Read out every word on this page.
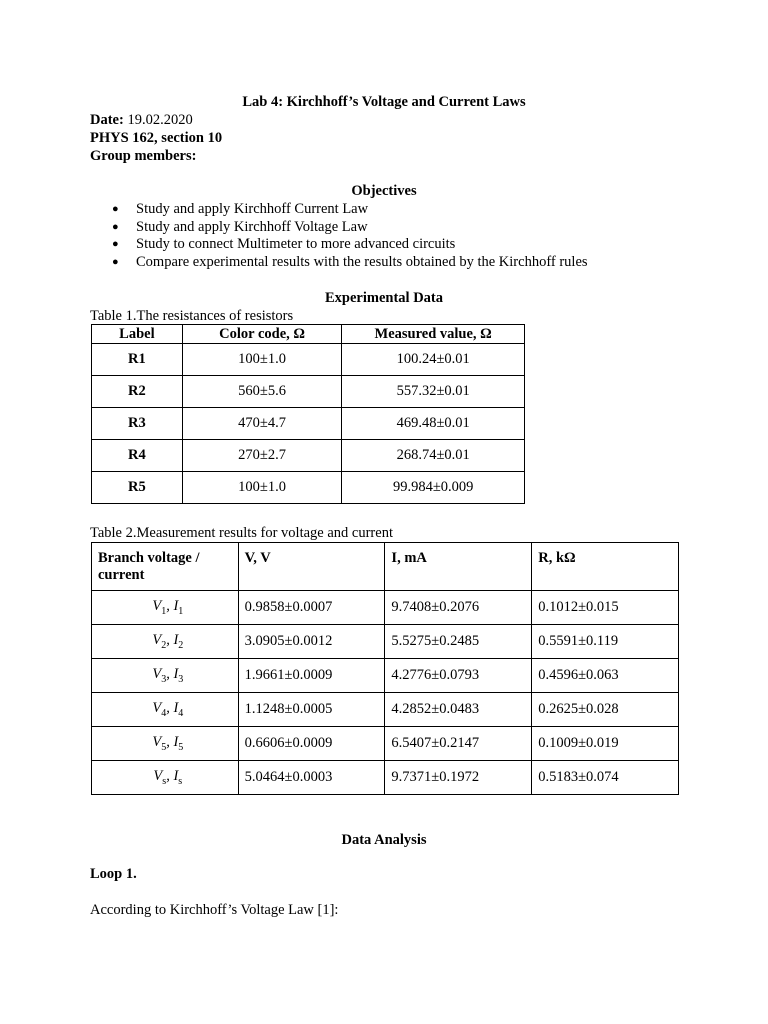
Lab 4: Kirchhoff’s Voltage and Current Laws
Date: 19.02.2020
PHYS 162, section 10
Group members:
Objectives
● Study and apply Kirchhoff Current Law
● Study and apply Kirchhoff Voltage Law
● Study to connect Multimeter to more advanced circuits
● Compare experimental results with the results obtained by the Kirchhoff rules
Experimental Data
Table 1.The resistances of resistors
Label	Color code, Ω	Measured value, Ω
R1	100±1.0	100.24±0.01
R2	560±5.6	557.32±0.01
R3	470±4.7	469.48±0.01
R4	270±2.7	268.74±0.01
R5	100±1.0	99.984±0.009
Table 2.Measurement results for voltage and current
Branch voltage / current	V, V	I, mA	R, kΩ
$V_1$, $I_1$	0.9858±0.0007	9.7408±0.2076	0.1012±0.015
$V_2$, $I_2$	3.0905±0.0012	5.5275±0.2485	0.5591±0.119
$V_3$, $I_3$	1.9661±0.0009	4.2776±0.0793	0.4596±0.063
$V_4$, $I_4$	1.1248±0.0005	4.2852±0.0483	0.2625±0.028
$V_5$, $I_5$	0.6606±0.0009	6.5407±0.2147	0.1009±0.019
$V_s$, $I_s$	5.0464±0.0003	9.7371±0.1972	0.5183±0.074
Data Analysis
Loop 1.
According to Kirchhoff’s Voltage Law [1]:
